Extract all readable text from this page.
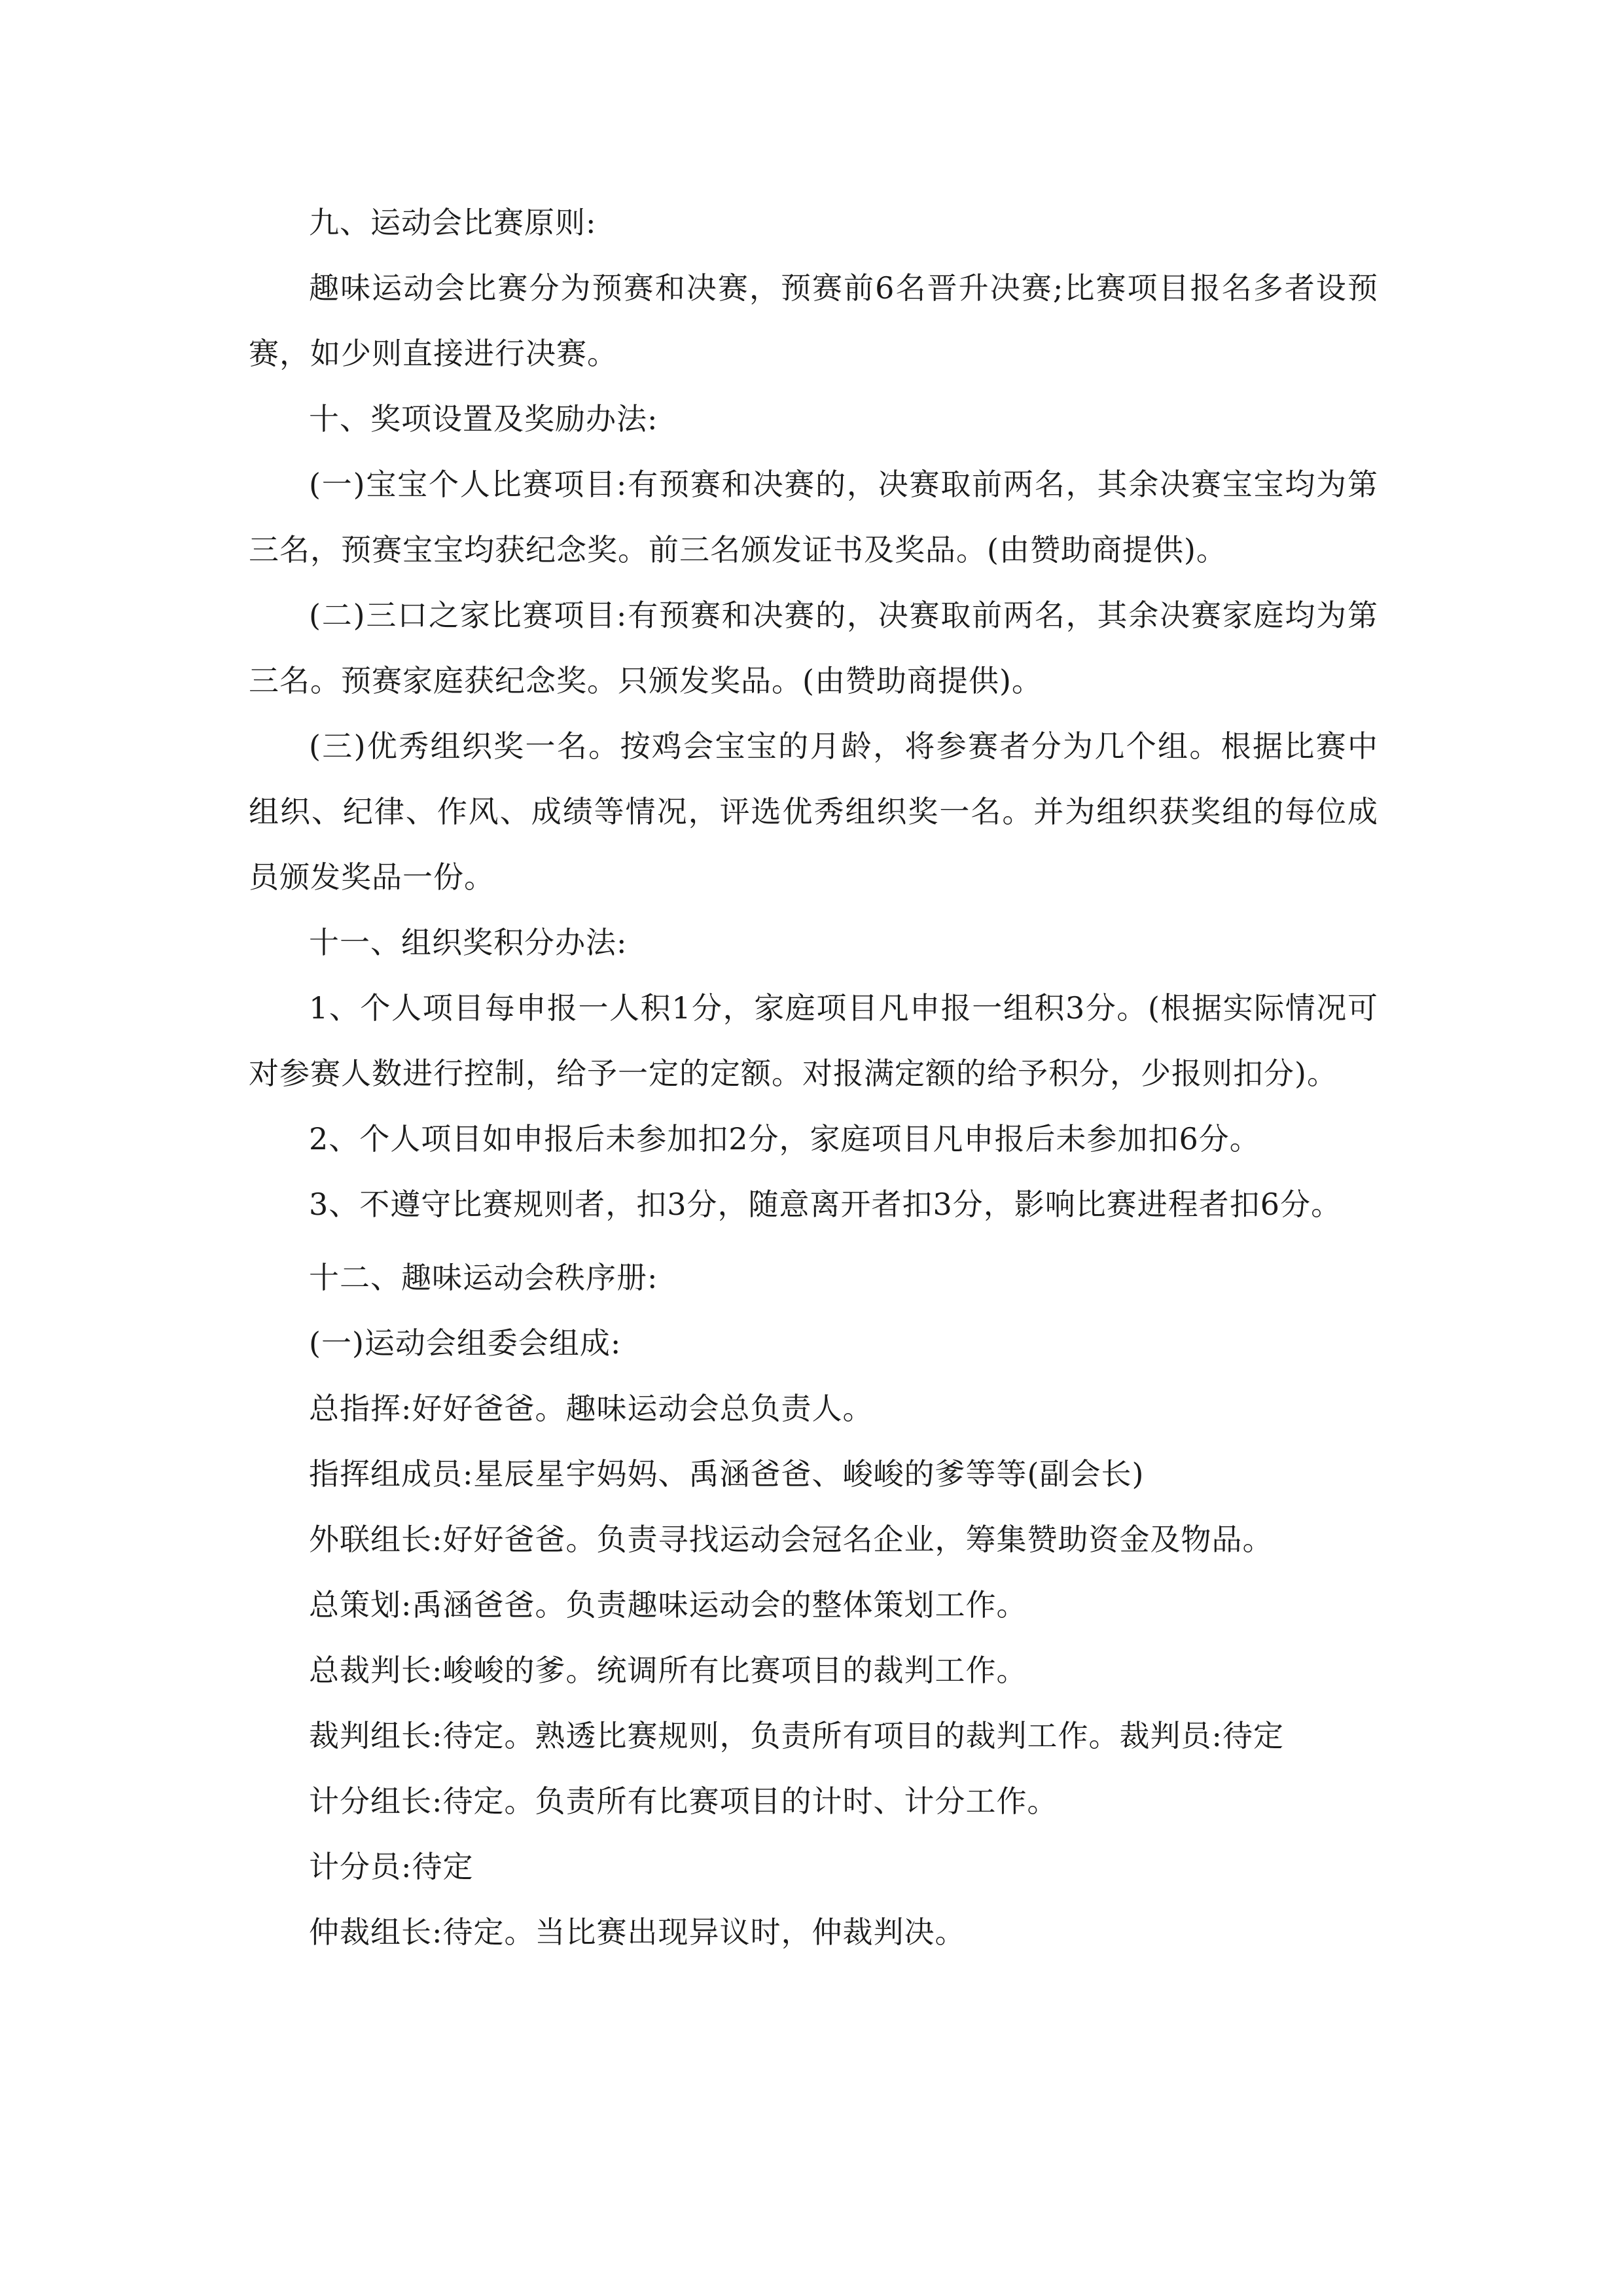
九、运动会比赛原则:

趣味运动会比赛分为预赛和决赛，预赛前6名晋升决赛;比赛项目报名多者设预赛，如少则直接进行决赛。

十、奖项设置及奖励办法:

(一)宝宝个人比赛项目:有预赛和决赛的，决赛取前两名，其余决赛宝宝均为第三名，预赛宝宝均获纪念奖。前三名颁发证书及奖品。(由赞助商提供)。

(二)三口之家比赛项目:有预赛和决赛的，决赛取前两名，其余决赛家庭均为第三名。预赛家庭获纪念奖。只颁发奖品。(由赞助商提供)。

(三)优秀组织奖一名。按鸡会宝宝的月龄，将参赛者分为几个组。根据比赛中组织、纪律、作风、成绩等情况，评选优秀组织奖一名。并为组织获奖组的每位成员颁发奖品一份。

十一、组织奖积分办法:

1、个人项目每申报一人积1分，家庭项目凡申报一组积3分。(根据实际情况可对参赛人数进行控制，给予一定的定额。对报满定额的给予积分，少报则扣分)。

2、个人项目如申报后未参加扣2分，家庭项目凡申报后未参加扣6分。

3、不遵守比赛规则者，扣3分，随意离开者扣3分，影响比赛进程者扣6分。

十二、趣味运动会秩序册:

(一)运动会组委会组成:

总指挥:好好爸爸。趣味运动会总负责人。

指挥组成员:星辰星宇妈妈、禹涵爸爸、峻峻的爹等等(副会长)

外联组长:好好爸爸。负责寻找运动会冠名企业，筹集赞助资金及物品。

总策划:禹涵爸爸。负责趣味运动会的整体策划工作。

总裁判长:峻峻的爹。统调所有比赛项目的裁判工作。

裁判组长:待定。熟透比赛规则，负责所有项目的裁判工作。裁判员:待定

计分组长:待定。负责所有比赛项目的计时、计分工作。

计分员:待定

仲裁组长:待定。当比赛出现异议时，仲裁判决。
